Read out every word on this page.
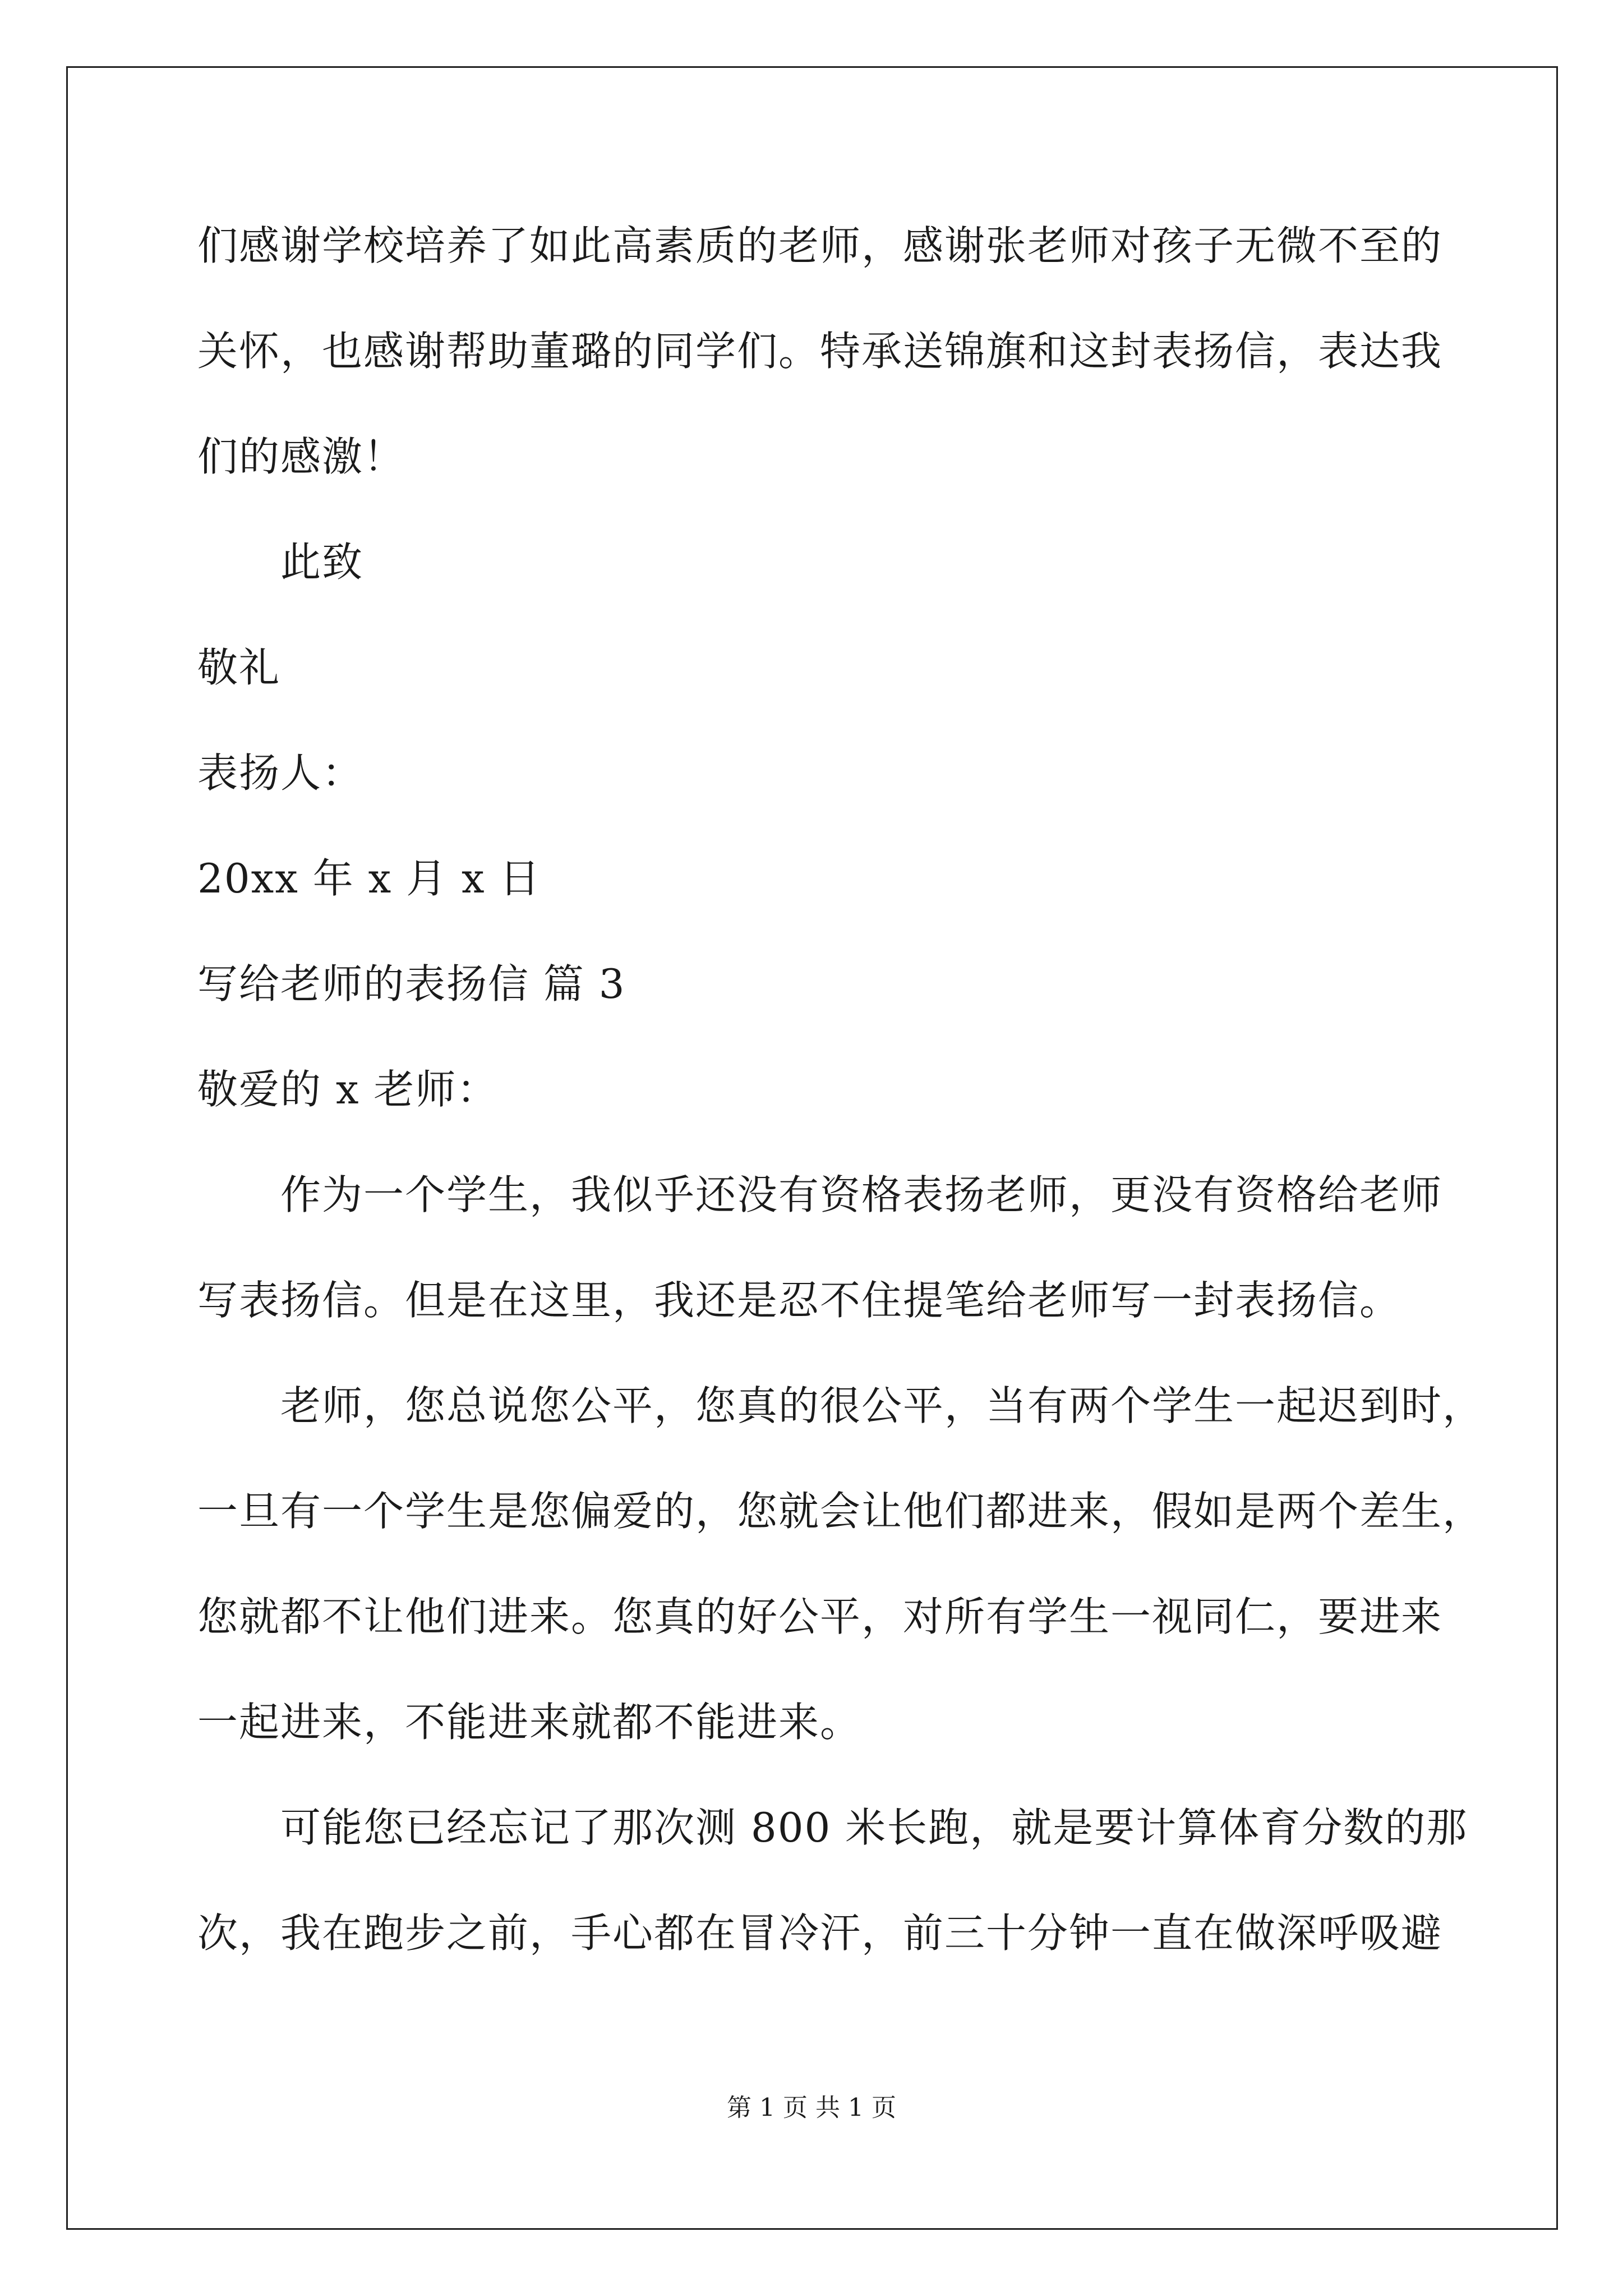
们感谢学校培养了如此高素质的老师，感谢张老师对孩子无微不至的
关怀，也感谢帮助董璐的同学们。特承送锦旗和这封表扬信，表达我
们的感激！
此致
敬礼
表扬人：
20xx 年 x 月 x 日
写给老师的表扬信 篇 3
敬爱的 x 老师：
作为一个学生，我似乎还没有资格表扬老师，更没有资格给老师
写表扬信。但是在这里，我还是忍不住提笔给老师写一封表扬信。
老师，您总说您公平，您真的很公平，当有两个学生一起迟到时，
一旦有一个学生是您偏爱的，您就会让他们都进来，假如是两个差生，
您就都不让他们进来。您真的好公平，对所有学生一视同仁，要进来
一起进来，不能进来就都不能进来。
可能您已经忘记了那次测 800 米长跑，就是要计算体育分数的那
次，我在跑步之前，手心都在冒冷汗，前三十分钟一直在做深呼吸避
第 1 页 共 1 页
